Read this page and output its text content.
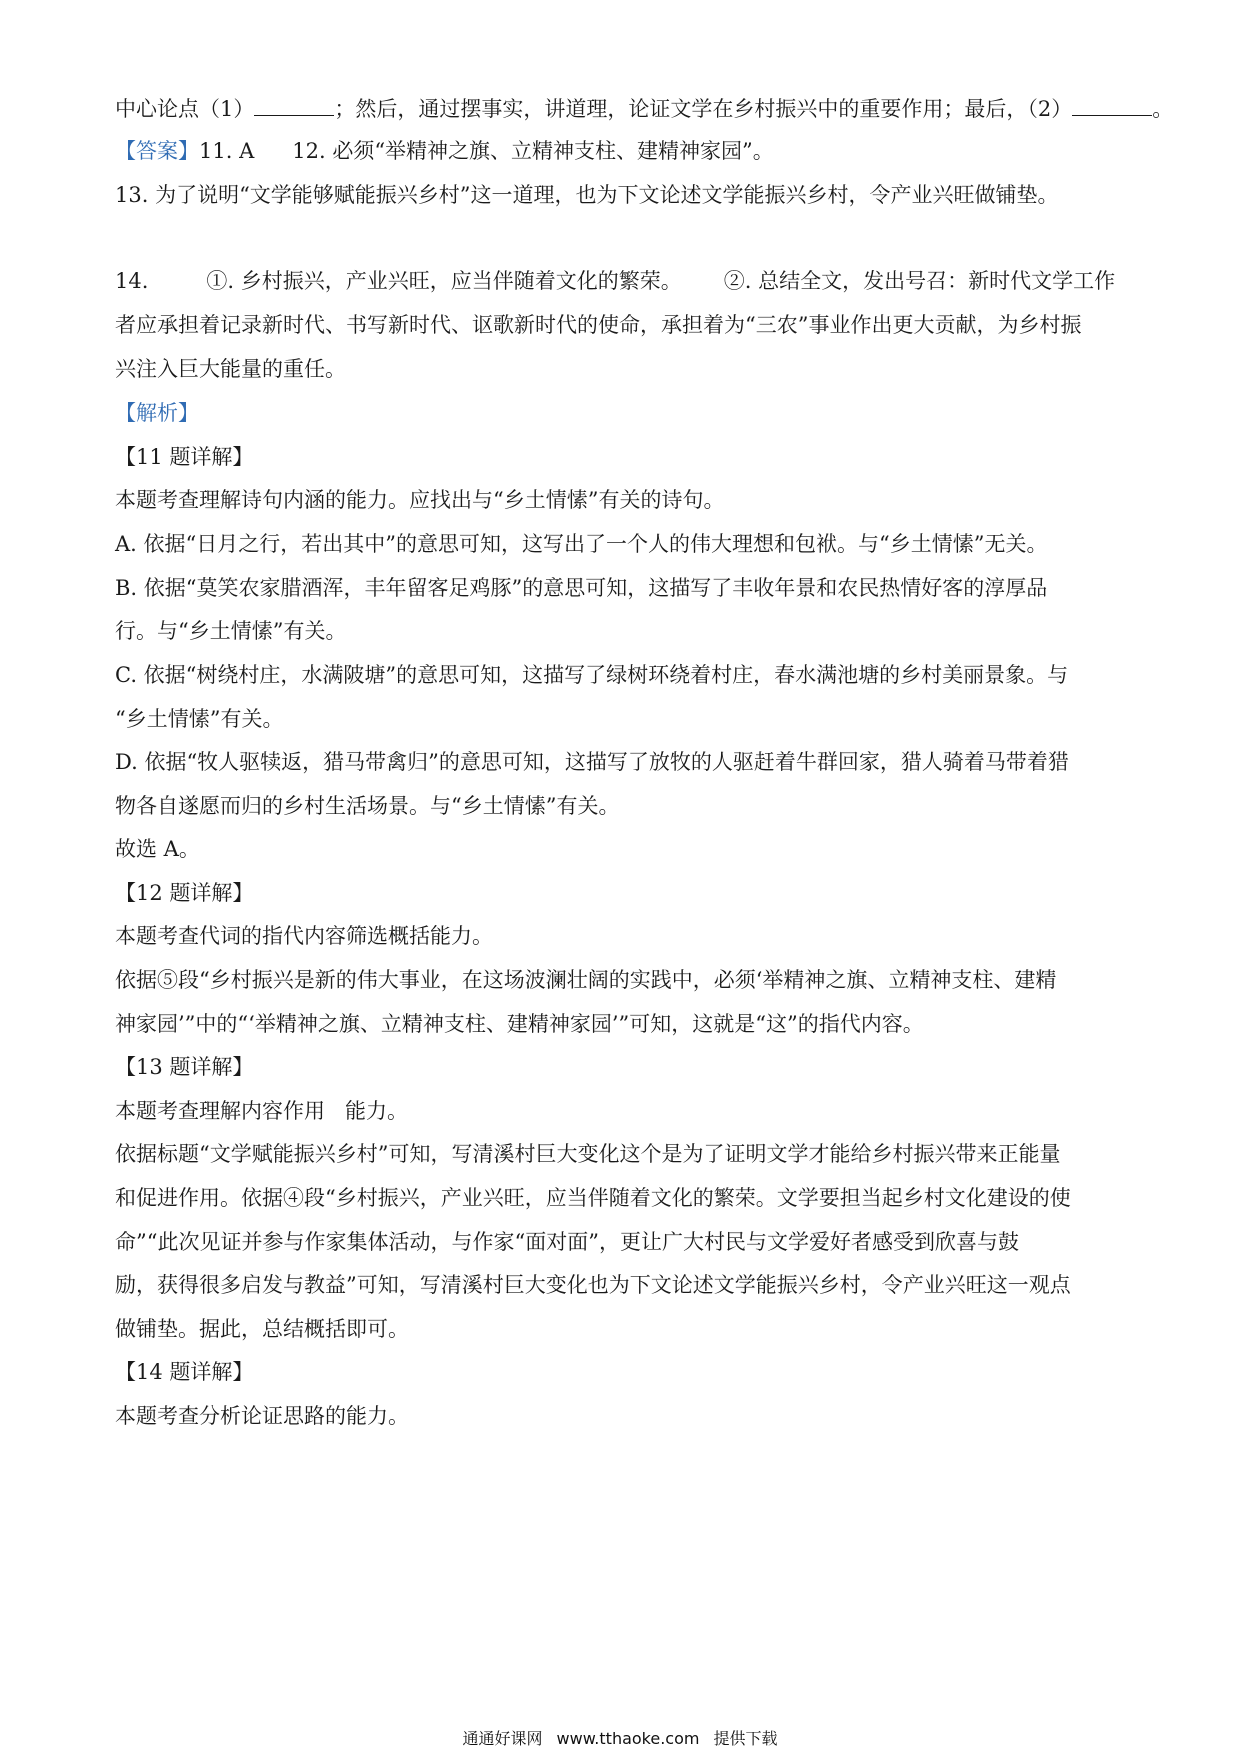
中心论点（1）	；然后，通过摆事实，讲道理，论证文学在乡村振兴中的重要作用；最后，（2）	。

【答案】11. A 12. 必须“举精神之旗、立精神支柱、建精神家园”。

13. 为了说明“文学能够赋能振兴乡村”这一道理，也为下文论述文学能振兴乡村，令产业兴旺做铺垫。

14.	①. 乡村振兴，产业兴旺，应当伴随着文化的繁荣。 ②. 总结全文，发出号召：新时代文学工作

者应承担着记录新时代、书写新时代、讴歌新时代的使命，承担着为“三农”事业作出更大贡献，为乡村振

兴注入巨大能量的重任。

【解析】

【11 题详解】

本题考查理解诗句内涵的能力。应找出与“乡土情愫”有关的诗句。

A. 依据“日月之行，若出其中”的意思可知，这写出了一个人的伟大理想和包袱。与“乡土情愫”无关。

B. 依据“莫笑农家腊酒浑，丰年留客足鸡豚”的意思可知，这描写了丰收年景和农民热情好客的淳厚品

行。与“乡土情愫”有关。

C. 依据“树绕村庄，水满陂塘”的意思可知，这描写了绿树环绕着村庄，春水满池塘的乡村美丽景象。与

“乡土情愫”有关。

D. 依据“牧人驱犊返，猎马带禽归”的意思可知，这描写了放牧的人驱赶着牛群回家，猎人骑着马带着猎

物各自遂愿而归的乡村生活场景。与“乡土情愫”有关。

故选 A。

【12 题详解】

本题考查代词的指代内容筛选概括能力。

依据⑤段“乡村振兴是新的伟大事业，在这场波澜壮阔的实践中，必须‘举精神之旗、立精神支柱、建精

神家园’”中的“‘举精神之旗、立精神支柱、建精神家园’”可知，这就是“这”的指代内容。

【13 题详解】

本题考查理解内容作用   能力。

依据标题“文学赋能振兴乡村”可知，写清溪村巨大变化这个是为了证明文学才能给乡村振兴带来正能量

和促进作用。依据④段“乡村振兴，产业兴旺，应当伴随着文化的繁荣。文学要担当起乡村文化建设的使

命”“此次见证并参与作家集体活动，与作家“面对面”，更让广大村民与文学爱好者感受到欣喜与鼓

励，获得很多启发与教益”可知，写清溪村巨大变化也为下文论述文学能振兴乡村，令产业兴旺这一观点

做铺垫。据此，总结概括即可。

【14 题详解】

本题考查分析论证思路的能力。

通通好课网 www.tthaoke.com 提供下载
